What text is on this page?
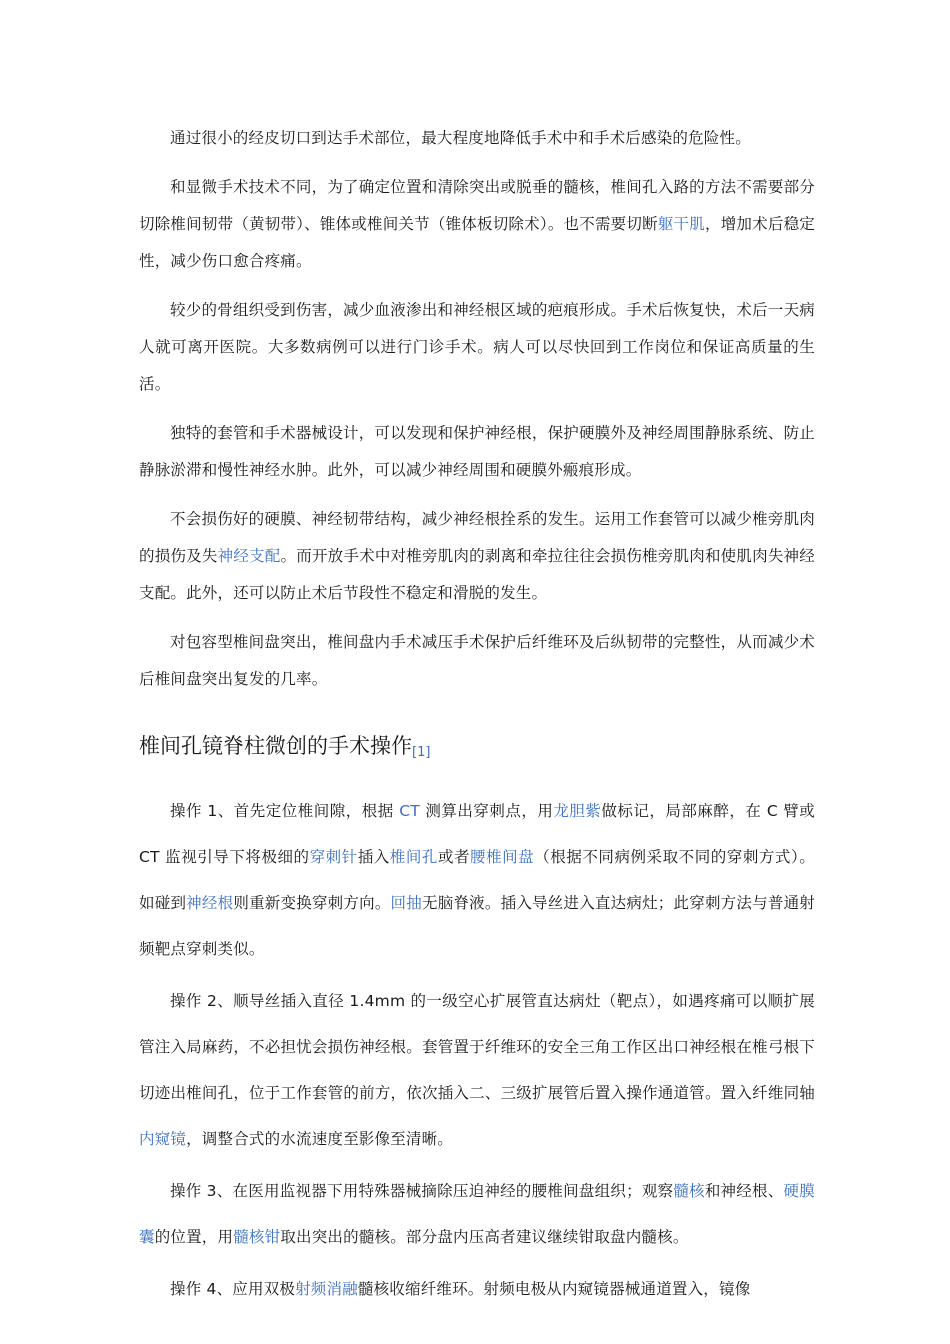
通过很小的经皮切口到达手术部位，最大程度地降低手术中和手术后感染的危险性。

和显微手术技术不同，为了确定位置和清除突出或脱垂的髓核，椎间孔入路的方法不需要部分切除椎间韧带（黄韧带）、锥体或椎间关节（锥体板切除术）。也不需要切断躯干肌，增加术后稳定性，减少伤口愈合疼痛。

较少的骨组织受到伤害，减少血液渗出和神经根区域的疤痕形成。手术后恢复快，术后一天病人就可离开医院。大多数病例可以进行门诊手术。病人可以尽快回到工作岗位和保证高质量的生活。

独特的套管和手术器械设计，可以发现和保护神经根，保护硬膜外及神经周围静脉系统、防止静脉淤滞和慢性神经水肿。此外，可以减少神经周围和硬膜外瘢痕形成。

不会损伤好的硬膜、神经韧带结构，减少神经根拴系的发生。运用工作套管可以减少椎旁肌肉的损伤及失神经支配。而开放手术中对椎旁肌肉的剥离和牵拉往往会损伤椎旁肌肉和使肌肉失神经支配。此外，还可以防止术后节段性不稳定和滑脱的发生。

对包容型椎间盘突出，椎间盘内手术减压手术保护后纤维环及后纵韧带的完整性，从而减少术后椎间盘突出复发的几率。

椎间孔镜脊柱微创的手术操作[1]

操作 1、首先定位椎间隙，根据 CT 测算出穿刺点，用龙胆紫做标记，局部麻醉，在 C 臂或 CT 监视引导下将极细的穿刺针插入椎间孔或者腰椎间盘（根据不同病例采取不同的穿刺方式）。如碰到神经根则重新变换穿刺方向。回抽无脑脊液。插入导丝进入直达病灶；此穿刺方法与普通射频靶点穿刺类似。

操作 2、顺导丝插入直径 1.4mm 的一级空心扩展管直达病灶（靶点），如遇疼痛可以顺扩展管注入局麻药，不必担忧会损伤神经根。套管置于纤维环的安全三角工作区出口神经根在椎弓根下切迹出椎间孔，位于工作套管的前方，依次插入二、三级扩展管后置入操作通道管。置入纤维同轴内窥镜，调整合式的水流速度至影像至清晰。

操作 3、在医用监视器下用特殊器械摘除压迫神经的腰椎间盘组织；观察髓核和神经根、硬膜囊的位置，用髓核钳取出突出的髓核。部分盘内压高者建议继续钳取盘内髓核。

操作 4、应用双极射频消融髓核收缩纤维环。射频电极从内窥镜器械通道置入，镜像
